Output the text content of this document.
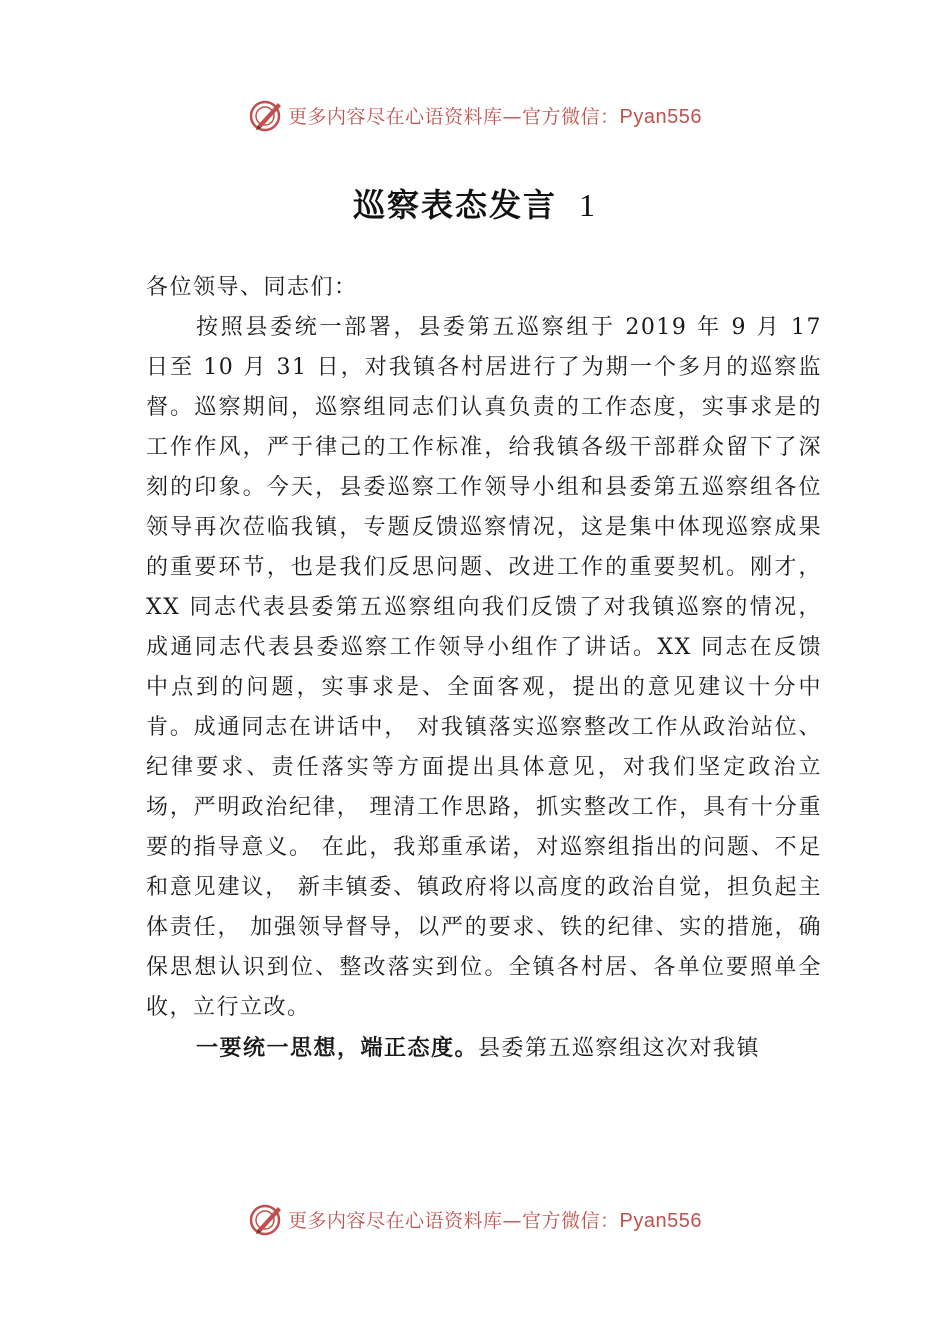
更多内容尽在心语资料库—官方微信：Pyan556
巡察表态发言 1

各位领导、同志们：

按照县委统一部署，县委第五巡察组于 2019 年 9 月 17 日至 10 月 31 日，对我镇各村居进行了为期一个多月的巡察监督。巡察期间，巡察组同志们认真负责的工作态度，实事求是的工作作风，严于律己的工作标准，给我镇各级干部群众留下了深刻的印象。今天，县委巡察工作领导小组和县委第五巡察组各位领导再次莅临我镇，专题反馈巡察情况，这是集中体现巡察成果的重要环节，也是我们反思问题、改进工作的重要契机。刚才，XX 同志代表县委第五巡察组向我们反馈了对我镇巡察的情况，成通同志代表县委巡察工作领导小组作了讲话。XX 同志在反馈中点到的问题，实事求是、全面客观，提出的意见建议十分中肯。成通同志在讲话中， 对我镇落实巡察整改工作从政治站位、纪律要求、责任落实等方面提出具体意见，对我们坚定政治立场，严明政治纪律， 理清工作思路，抓实整改工作，具有十分重要的指导意义。 在此，我郑重承诺，对巡察组指出的问题、不足和意见建议， 新丰镇委、镇政府将以高度的政治自觉，担负起主体责任， 加强领导督导，以严的要求、铁的纪律、实的措施，确保思想认识到位、整改落实到位。全镇各村居、各单位要照单全收，立行立改。

一要统一思想，端正态度。县委第五巡察组这次对我镇

更多内容尽在心语资料库—官方微信：Pyan556
